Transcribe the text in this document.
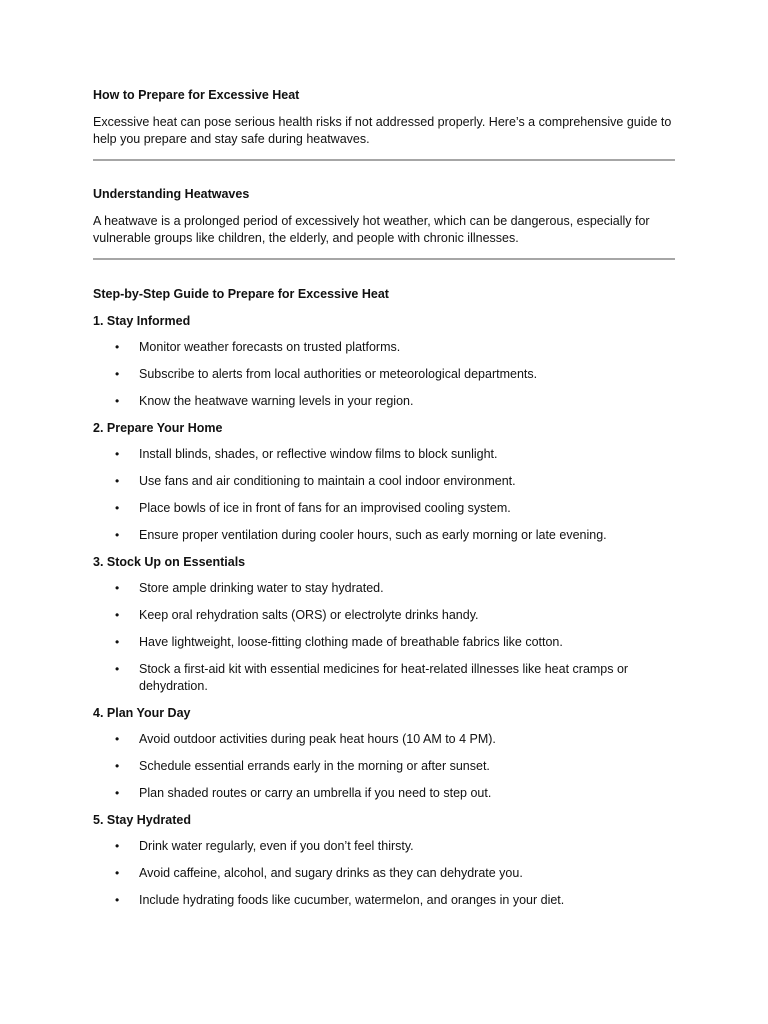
How to Prepare for Excessive Heat

Excessive heat can pose serious health risks if not addressed properly. Here’s a comprehensive guide to help you prepare and stay safe during heatwaves.

Understanding Heatwaves

A heatwave is a prolonged period of excessively hot weather, which can be dangerous, especially for vulnerable groups like children, the elderly, and people with chronic illnesses.

Step-by-Step Guide to Prepare for Excessive Heat

1. Stay Informed

• Monitor weather forecasts on trusted platforms.
• Subscribe to alerts from local authorities or meteorological departments.
• Know the heatwave warning levels in your region.

2. Prepare Your Home

• Install blinds, shades, or reflective window films to block sunlight.
• Use fans and air conditioning to maintain a cool indoor environment.
• Place bowls of ice in front of fans for an improvised cooling system.
• Ensure proper ventilation during cooler hours, such as early morning or late evening.

3. Stock Up on Essentials

• Store ample drinking water to stay hydrated.
• Keep oral rehydration salts (ORS) or electrolyte drinks handy.
• Have lightweight, loose-fitting clothing made of breathable fabrics like cotton.
• Stock a first-aid kit with essential medicines for heat-related illnesses like heat cramps or dehydration.

4. Plan Your Day

• Avoid outdoor activities during peak heat hours (10 AM to 4 PM).
• Schedule essential errands early in the morning or after sunset.
• Plan shaded routes or carry an umbrella if you need to step out.

5. Stay Hydrated

• Drink water regularly, even if you don’t feel thirsty.
• Avoid caffeine, alcohol, and sugary drinks as they can dehydrate you.
• Include hydrating foods like cucumber, watermelon, and oranges in your diet.
